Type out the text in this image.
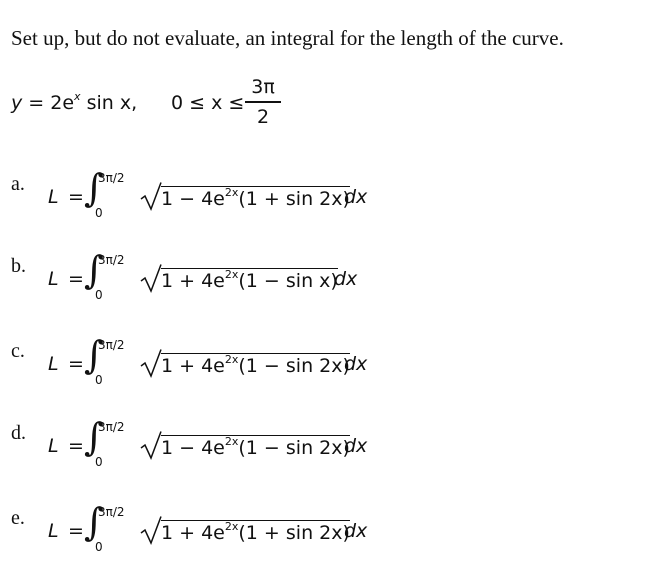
Set up, but do not evaluate, an integral for the length of the curve.
$y = 2e^x$ sin x, 0 ≤ x ≤
3π
2
a.
L = ∫
3π/2
0
$1 - 4e^{2x}(1 + \sin 2x)$
dx
b.
L = ∫
3π/2
0
$1 + 4e^{2x}(1 - \sin x)$
dx
c.
L = ∫
3π/2
0
$1 + 4e^{2x}(1 - \sin 2x)$
dx
d.
L = ∫
3π/2
0
$1 - 4e^{2x}(1 - \sin 2x)$
dx
e.
L = ∫
3π/2
0
$1 + 4e^{2x}(1 + \sin 2x)$
dx
